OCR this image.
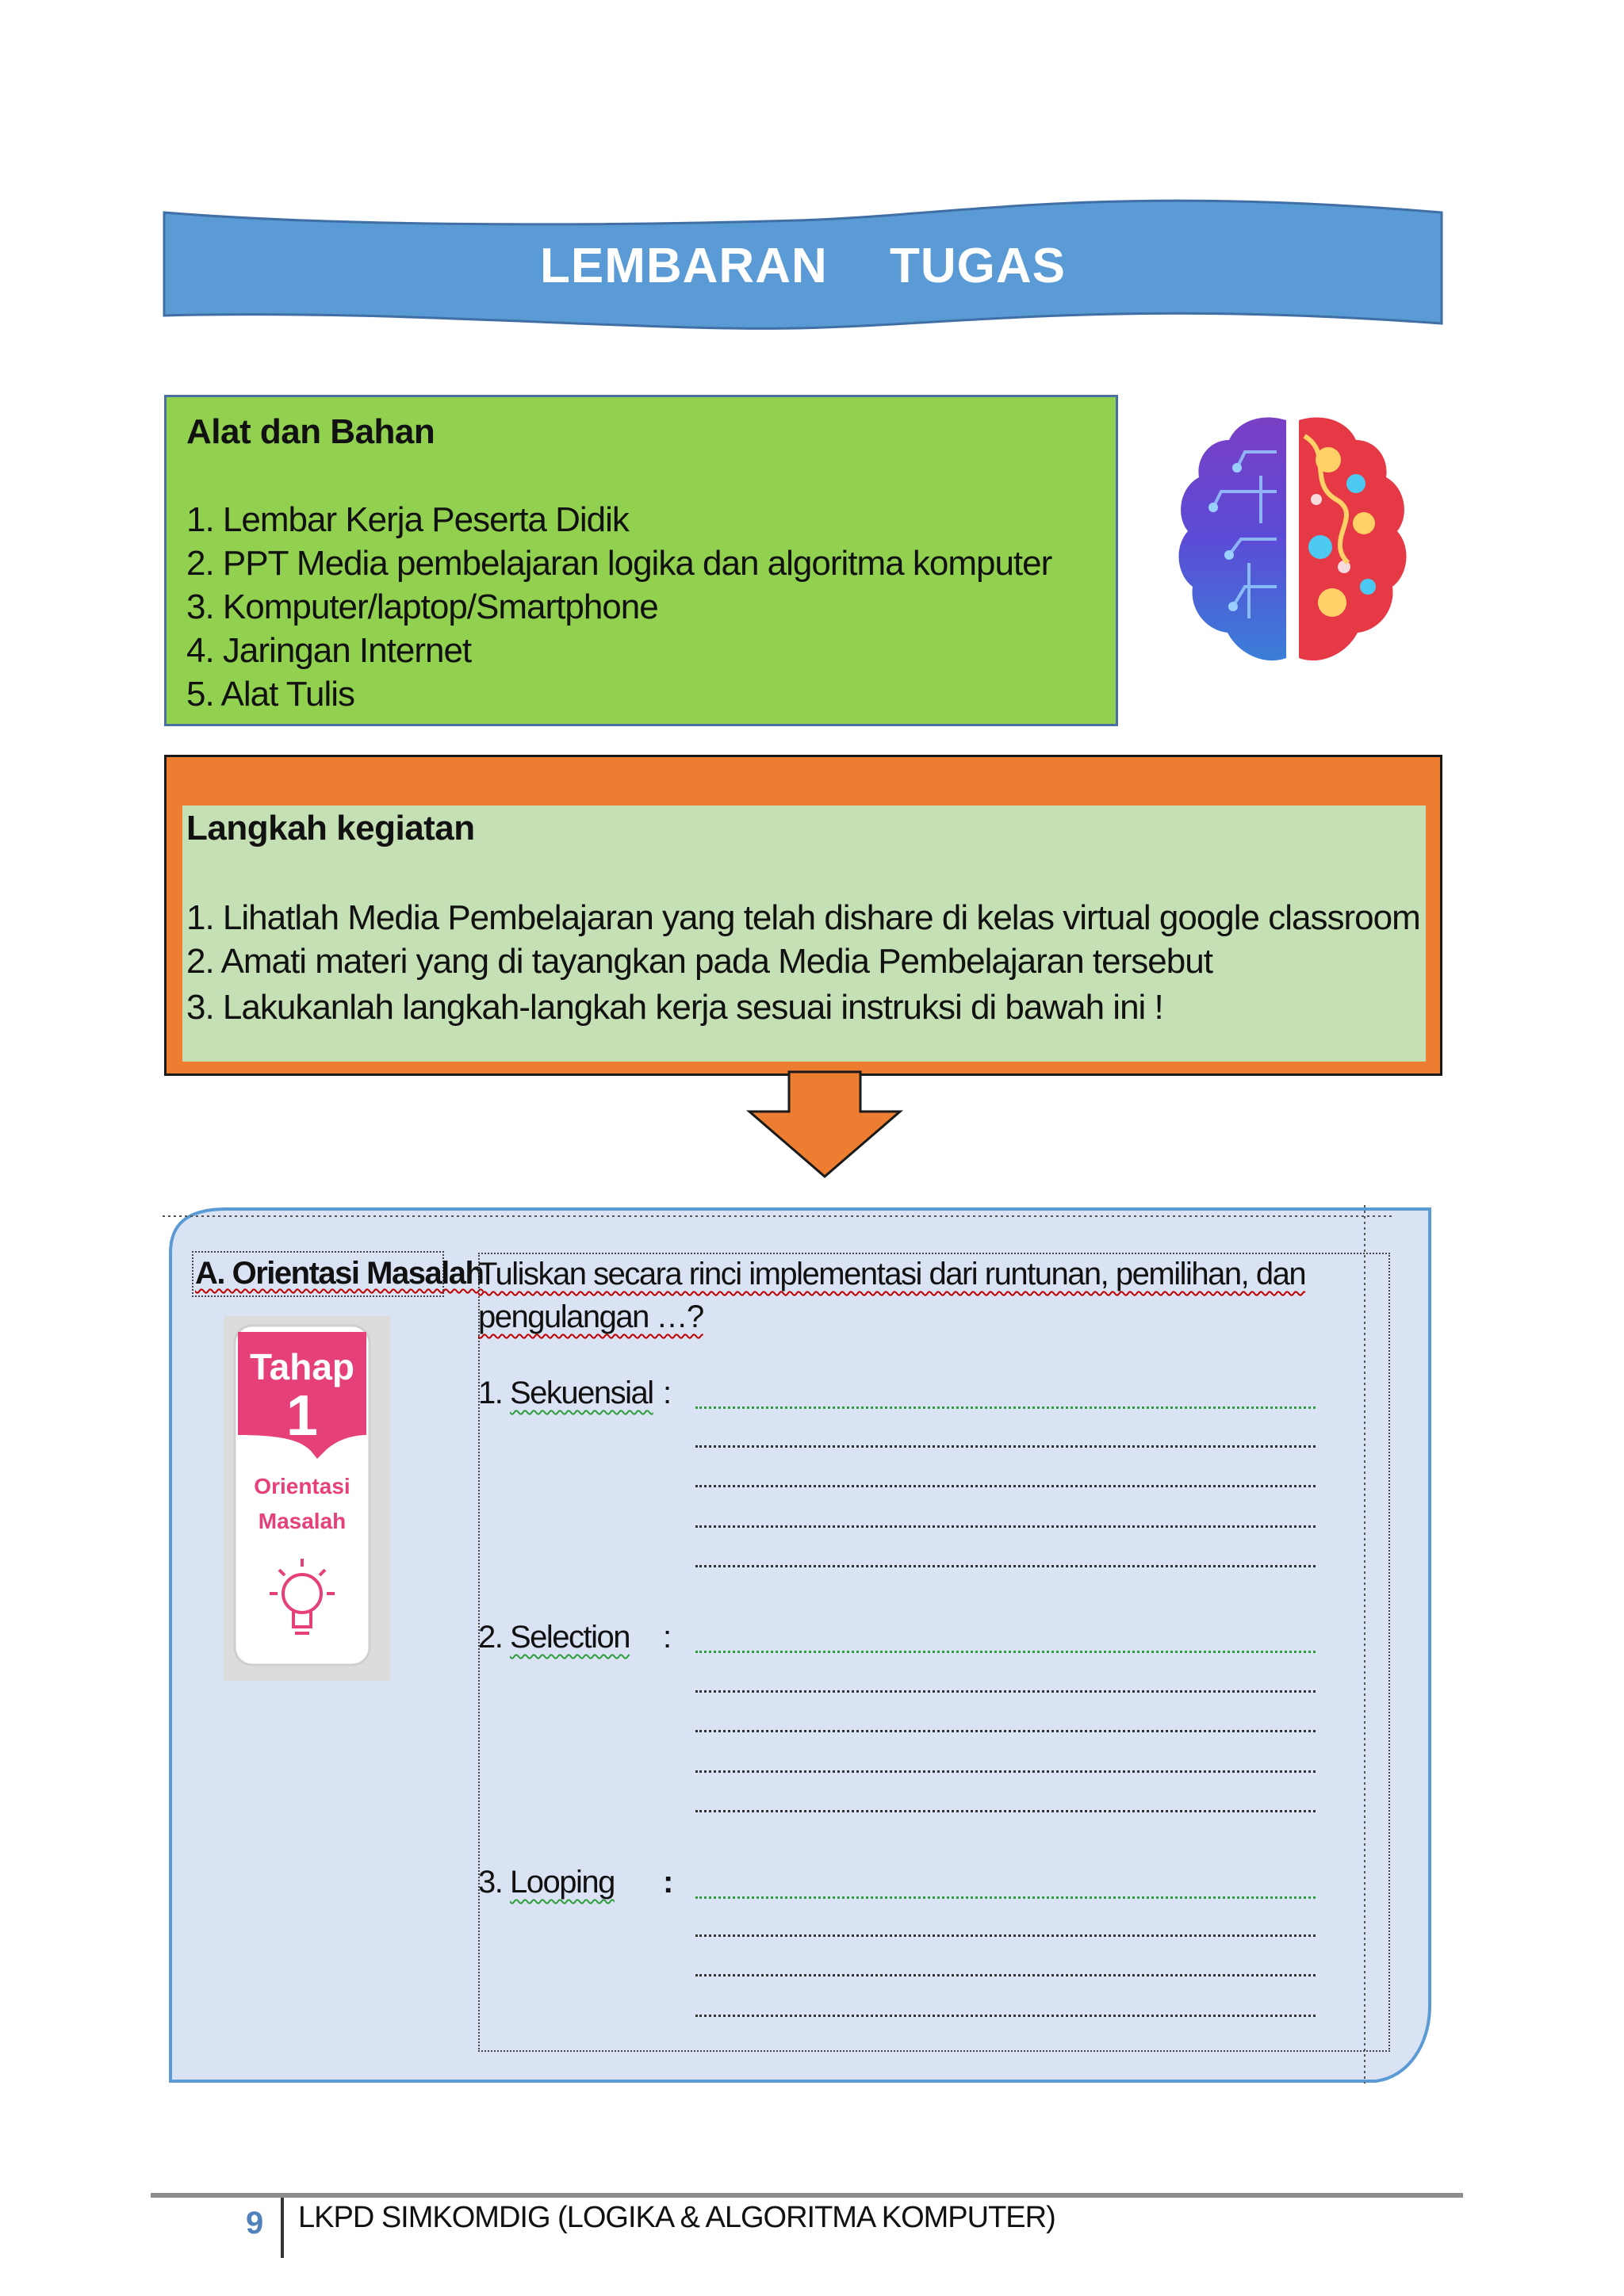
LEMBARAN TUGAS
Alat dan Bahan
1. Lembar Kerja Peserta Didik
2. PPT Media pembelajaran logika dan algoritma komputer
3. Komputer/laptop/Smartphone
4. Jaringan Internet
5. Alat Tulis
Langkah kegiatan
1. Lihatlah Media Pembelajaran yang telah dishare di kelas virtual google classroom
2. Amati materi yang di tayangkan pada Media Pembelajaran tersebut
3. Lakukanlah langkah-langkah kerja sesuai instruksi di bawah ini !
A. Orientasi Masalah
Tahap
1
Orientasi
Masalah
Tuliskan secara rinci implementasi dari runtunan, pemilihan, dan
pengulangan …?
1. Sekuensial :
2. Selection :
3. Looping :
9 LKPD SIMKOMDIG (LOGIKA & ALGORITMA KOMPUTER)
